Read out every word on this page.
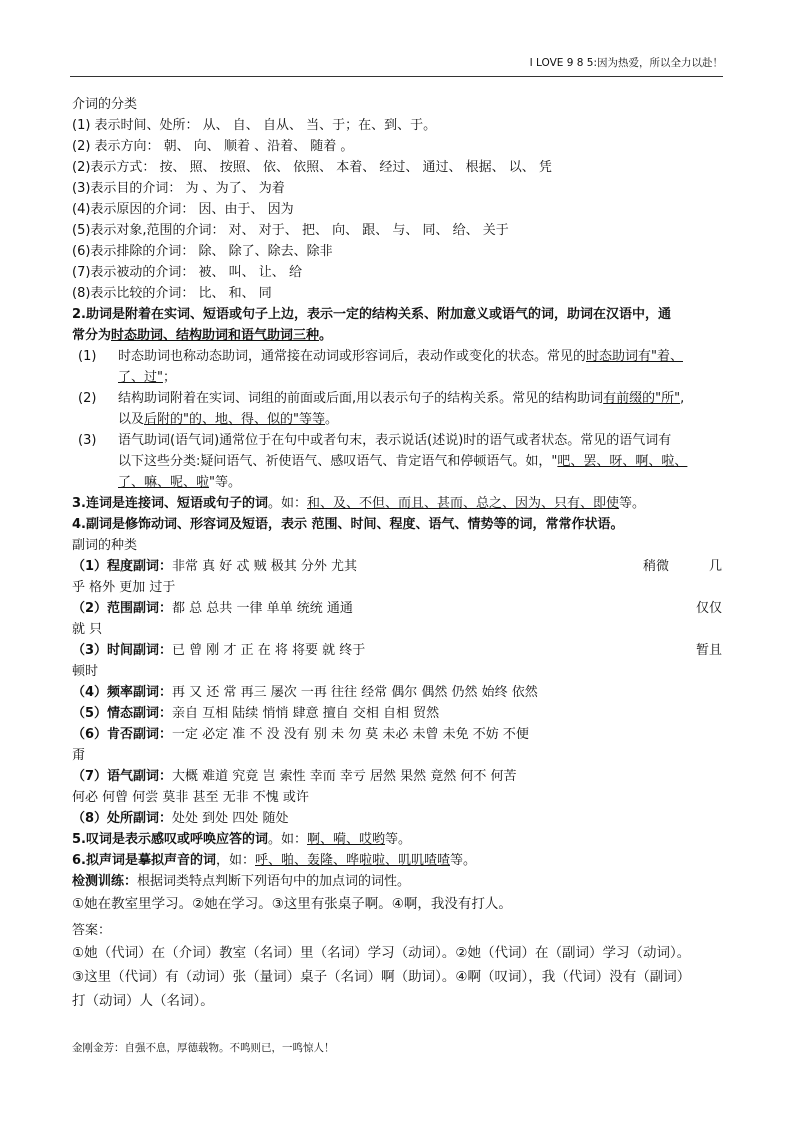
I LOVE 9 8 5:因为热爱，所以全力以赴！
介词的分类
(1) 表示时间、处所： 从、 自、 自从、 当、于；在、到、于。
(2) 表示方向： 朝、 向、 顺着 、沿着、 随着 。
(2)表示方式： 按、 照、 按照、 依、 依照、 本着、 经过、 通过、 根据、 以、 凭
(3)表示目的介词： 为 、为了、 为着
(4)表示原因的介词： 因、由于、 因为
(5)表示对象,范围的介词： 对、 对于、 把、 向、 跟、 与、 同、 给、 关于
(6)表示排除的介词： 除、 除了、除去、除非
(7)表示被动的介词： 被、 叫、 让、 给
(8)表示比较的介词： 比、 和、 同
2.助词是附着在实词、短语或句子上边，表示一定的结构关系、附加意义或语气的词，助词在汉语中，通
常分为时态助词、结构助词和语气助词三种。
(1) 时态助词也称动态助词，通常接在动词或形容词后，表动作或变化的状态。常见的时态助词有"着、
了、过"；
(2) 结构助词附着在实词、词组的前面或后面,用以表示句子的结构关系。常见的结构助词有前缀的"所",
以及后附的"的、地、得、似的"等等。
(3) 语气助词(语气词)通常位于在句中或者句末，表示说话(述说)时的语气或者状态。常见的语气词有
以下这些分类:疑问语气、祈使语气、感叹语气、肯定语气和停顿语气。如，"吧、罢、呀、啊、啦、
了、嘛、呢、啦"等。
3.连词是连接词、短语或句子的词。如：和、及、不但、而且、甚而、总之、因为、只有、即使等。
4.副词是修饰动词、形容词及短语，表示 范围、时间、程度、语气、情势等的词，常常作状语。
副词的种类
（1）程度副词：非常 真 好 忒 贼 极其 分外 尤其	稍微	几
乎 格外 更加 过于
（2）范围副词：都 总 总共 一律 单单 统统 通通	仅仅
就 只
（3）时间副词：已 曾 刚 才 正 在 将 将要 就 终于	暂且
顿时
（4）频率副词：再 又 还 常 再三 屡次 一再 往往 经常 偶尔 偶然 仍然 始终 依然
（5）情态副词：亲自 互相 陆续 悄悄 肆意 擅自 交相 自相 贸然
（6）肯否副词：一定 必定 准 不 没 没有 别 未 勿 莫 未必 未曾 未免 不妨 不便
甭
（7）语气副词：大概 难道 究竟 岂 索性 幸而 幸亏 居然 果然 竟然 何不 何苦
何必 何曾 何尝 莫非 甚至 无非 不愧 或许
（8）处所副词：处处 到处 四处 随处
5.叹词是表示感叹或呼唤应答的词。如：啊、嗬、哎哟等。
6.拟声词是摹拟声音的词，如：呼、啪、轰隆、哗啦啦、叽叽喳喳等。
检测训练：根据词类特点判断下列语句中的加点词的词性。
①她在教室里学习。②她在学习。③这里有张桌子啊。④啊，我没有打人。
答案：
①她（代词）在（介词）教室（名词）里（名词）学习（动词）。②她（代词）在（副词）学习（动词）。
③这里（代词）有（动词）张（量词）桌子（名词）啊（助词）。④啊（叹词），我（代词）没有（副词）
打（动词）人（名词）。
金刚金芳：自强不息，厚德载物。不鸣则已，一鸣惊人！
